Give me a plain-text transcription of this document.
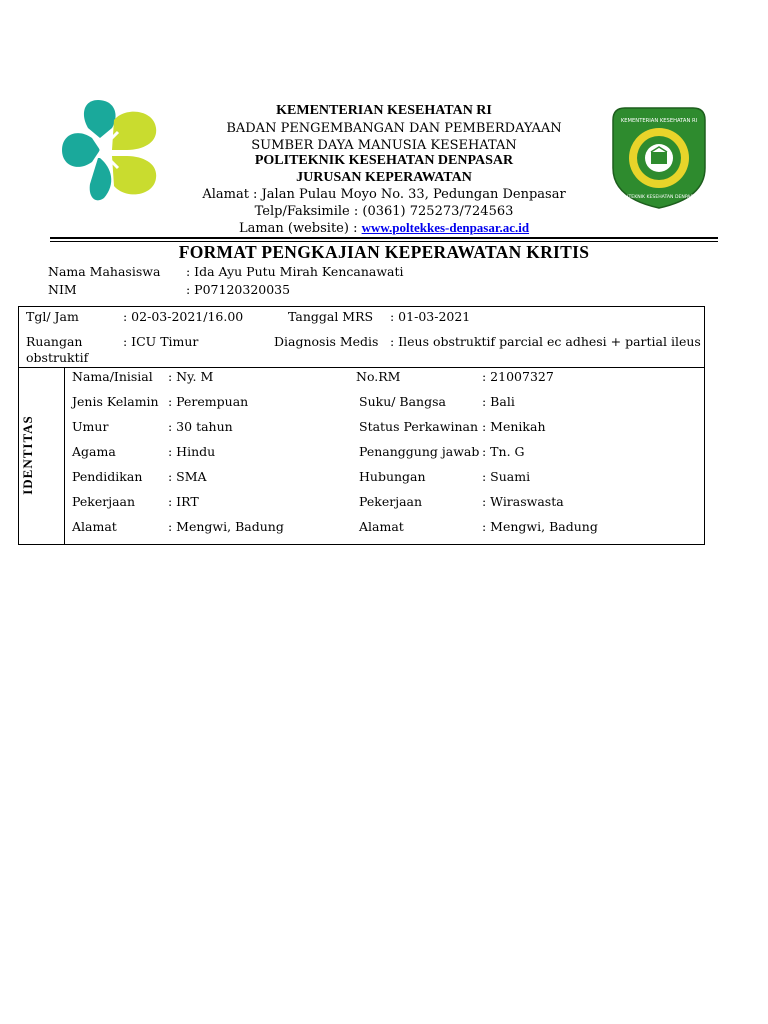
KEMENTERIAN KESEHATAN RI
BADAN PENGEMBANGAN DAN PEMBERDAYAAN
SUMBER DAYA MANUSIA KESEHATAN
POLITEKNIK KESEHATAN DENPASAR
JURUSAN KEPERAWATAN
Alamat : Jalan Pulau Moyo No. 33, Pedungan Denpasar
Telp/Faksimile : (0361) 725273/724563
Laman (website) : www.poltekkes-denpasar.ac.id
KEMENTERIAN KESEHATAN RI
POLITEKNIK KESEHATAN DENPASAR
FORMAT PENGKAJIAN KEPERAWATAN KRITIS
Nama Mahasiswa : Ida Ayu Putu Mirah Kencanawati
NIM	: P07120320035
Tgl/ Jam	: 02-03-2021/16.00	Tanggal MRS : 01-03-2021
Ruangan	: ICU Timur	Diagnosis Medis : Ileus obstruktif parcial ec adhesi + partial ileus
obstruktif
IDENTITAS
Nama/Inisial : Ny. M	No.RM	: 21007327
Jenis Kelamin : Perempuan	Suku/ Bangsa	: Bali
Umur	: 30 tahun	Status Perkawinan : Menikah
Agama	: Hindu	Penanggung jawab : Tn. G
Pendidikan : SMA	Hubungan	: Suami
Pekerjaan	: IRT	Pekerjaan	: Wiraswasta
Alamat	: Mengwi, Badung	Alamat	: Mengwi, Badung
